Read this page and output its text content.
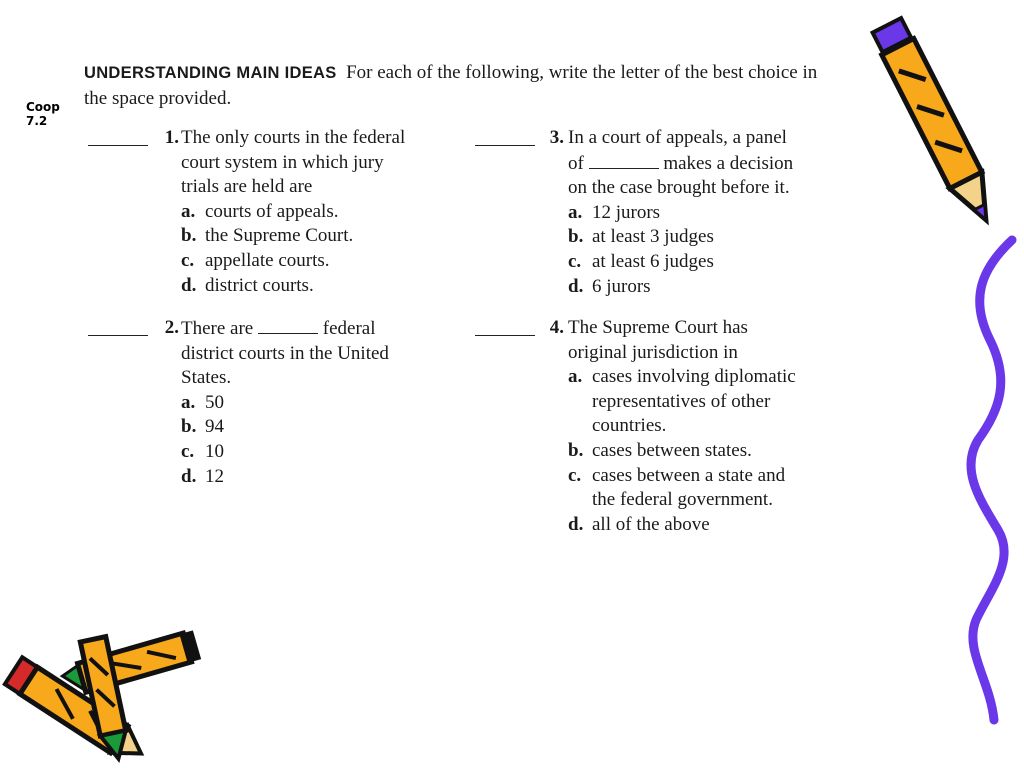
Coop
7.2
UNDERSTANDING MAIN IDEAS For each of the following, write the letter of the best choice in the space provided.
1. The only courts in the federal
court system in which jury
trials are held are
a. courts of appeals.
b. the Supreme Court.
c. appellate courts.
d. district courts.
2. There are	federal
district courts in the United
States.
a. 50
b. 94
c. 10
d. 12
3. In a court of appeals, a panel
of	makes a decision
on the case brought before it.
a. 12 jurors
b. at least 3 judges
c. at least 6 judges
d. 6 jurors
4. The Supreme Court has
original jurisdiction in
a. cases involving diplomatic
representatives of other
countries.
b. cases between states.
c. cases between a state and
the federal government.
d. all of the above
